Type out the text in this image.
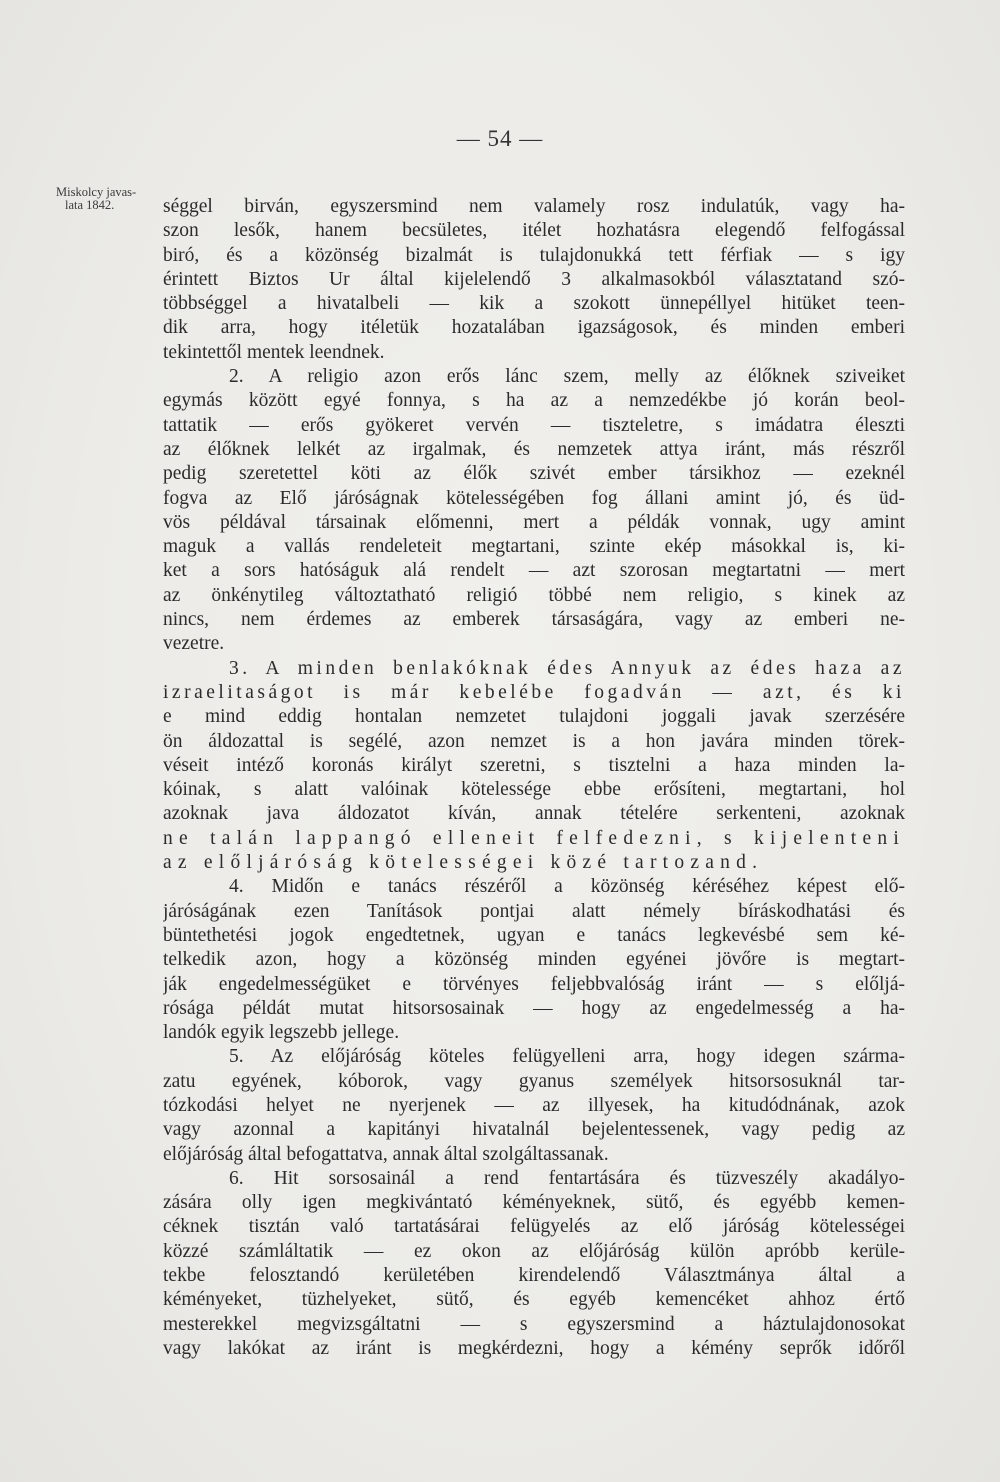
— 54 —
Miskolcy javas-
lata 1842.	séggel birván, egyszersmind nem valamely rosz indulatúk, vagy ha-
szon lesők, hanem becsületes, itélet hozhatásra elegendő felfogással
biró, és a közönség bizalmát is tulajdonukká tett férfiak — s igy
érintett Biztos Ur által kijelelendő 3 alkalmasokból választatand szó-
többséggel a hivatalbeli — kik a szokott ünnepéllyel hitüket teen-
dik arra, hogy itéletük hozatalában igazságosok, és minden emberi
tekintettől mentek leendnek.
2. A religio azon erős lánc szem, melly az élőknek sziveiket
egymás között egyé fonnya, s ha az a nemzedékbe jó korán beol-
tattatik — erős gyökeret vervén — tiszteletre, s imádatra éleszti
az élőknek lelkét az irgalmak, és nemzetek attya iránt, más részről
pedig szeretettel köti az élők szivét ember társikhoz — ezeknél
fogva az Elő járóságnak kötelességében fog állani amint jó, és üd-
vös példával társainak előmenni, mert a példák vonnak, ugy amint
maguk a vallás rendeleteit megtartani, szinte ekép másokkal is, ki-
ket a sors hatóságuk alá rendelt — azt szorosan megtartatni — mert
az önkénytileg változtatható religió többé nem religio, s kinek az
nincs, nem érdemes az emberek társaságára, vagy az emberi ne-
vezetre.
3. A minden benlakóknak édes Annyuk az édes haza az
izraelitaságot is már kebelébe fogadván — azt, és ki
e mind eddig hontalan nemzetet tulajdoni joggali javak szerzésére
ön áldozattal is segélé, azon nemzet is a hon javára minden törek-
véseit intéző koronás királyt szeretni, s tisztelni a haza minden la-
kóinak, s alatt valóinak kötelessége ebbe erősíteni, megtartani, hol
azoknak java áldozatot kíván, annak tételére serkenteni, azoknak
ne talán lappangó elleneit felfedezni, s kijelenteni
az előljáróság kötelességei közé tartozand.
4. Midőn e tanács részéről a közönség kéréséhez képest elő-
járóságának ezen Tanítások pontjai alatt némely bíráskodhatási és
büntethetési jogok engedtetnek, ugyan e tanács legkevésbé sem ké-
telkedik azon, hogy a közönség minden egyénei jövőre is megtart-
ják engedelmességüket e törvényes feljebbvalóság iránt — s előljá-
rósága példát mutat hitsorsosainak — hogy az engedelmesség a ha-
landók egyik legszebb jellege.
5. Az előjáróság köteles felügyelleni arra, hogy idegen szárma-
zatu egyének, kóborok, vagy gyanus személyek hitsorsosuknál tar-
tózkodási helyet ne nyerjenek — az illyesek, ha kitudódnának, azok
vagy azonnal a kapitányi hivatalnál bejelentessenek, vagy pedig az
előjáróság által befogattatva, annak által szolgáltassanak.
6. Hit sorsosainál a rend fentartására és tüzveszély akadályo-
zására olly igen megkivántató kéményeknek, sütő, és egyébb kemen-
céknek tisztán való tartatásárai felügyelés az elő járóság kötelességei
közzé számláltatik — ez okon az előjáróság külön apróbb kerüle-
tekbe felosztandó kerületében kirendelendő Választmánya által a
kéményeket, tüzhelyeket, sütő, és egyéb kemencéket ahhoz értő
mesterekkel megvizsgáltatni — s egyszersmind a háztulajdonosokat
vagy lakókat az iránt is megkérdezni, hogy a kémény seprők időről
